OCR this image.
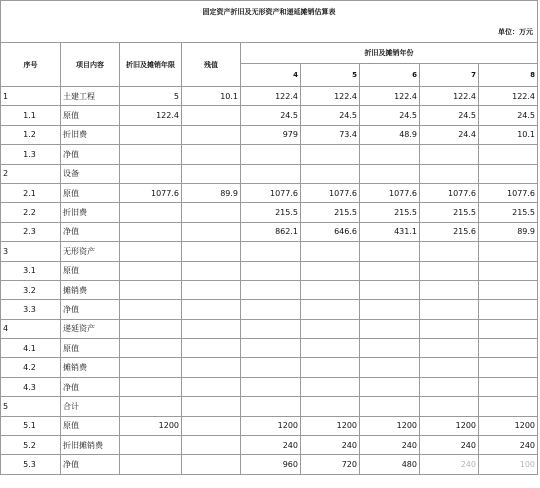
固定资产折旧及无形资产和递延摊销估算表
单位：万元
序号	项目内容	折旧及摊销年限	残值	折旧及摊销年份				
				4	5	6	7	8
1	土建工程	5	10.1	122.4	122.4	122.4	122.4	122.4
1.1	原值	122.4		24.5	24.5	24.5	24.5	24.5
1.2	折旧费			979	73.4	48.9	24.4	10.1
1.3	净值							
2	设备							
2.1	原值	1077.6	89.9	1077.6	1077.6	1077.6	1077.6	1077.6
2.2	折旧费			215.5	215.5	215.5	215.5	215.5
2.3	净值			862.1	646.6	431.1	215.6	89.9
3	无形资产							
3.1	原值							
3.2	摊销费							
3.3	净值							
4	递延资产							
4.1	原值							
4.2	摊销费							
4.3	净值							
5	合计							
5.1	原值	1200		1200	1200	1200	1200	1200
5.2	折旧摊销费			240	240	240	240	240
5.3	净值			960	720	480	240	100
